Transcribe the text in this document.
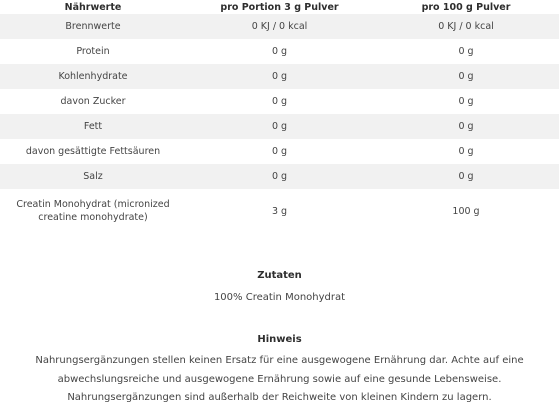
Nährwerte	pro Portion 3 g Pulver	pro 100 g Pulver
Brennwerte	0 KJ / 0 kcal	0 KJ / 0 kcal
Protein	0 g	0 g
Kohlenhydrate	0 g	0 g
davon Zucker	0 g	0 g
Fett	0 g	0 g
davon gesättigte Fettsäuren	0 g	0 g
Salz	0 g	0 g
Creatin Monohydrat (micronized
creatine monohydrate)	3 g	100 g
Zutaten
100% Creatin Monohydrat
Hinweis
Nahrungsergänzungen stellen keinen Ersatz für eine ausgewogene Ernährung dar. Achte auf eine
abwechslungsreiche und ausgewogene Ernährung sowie auf eine gesunde Lebensweise.
Nahrungsergänzungen sind außerhalb der Reichweite von kleinen Kindern zu lagern.
